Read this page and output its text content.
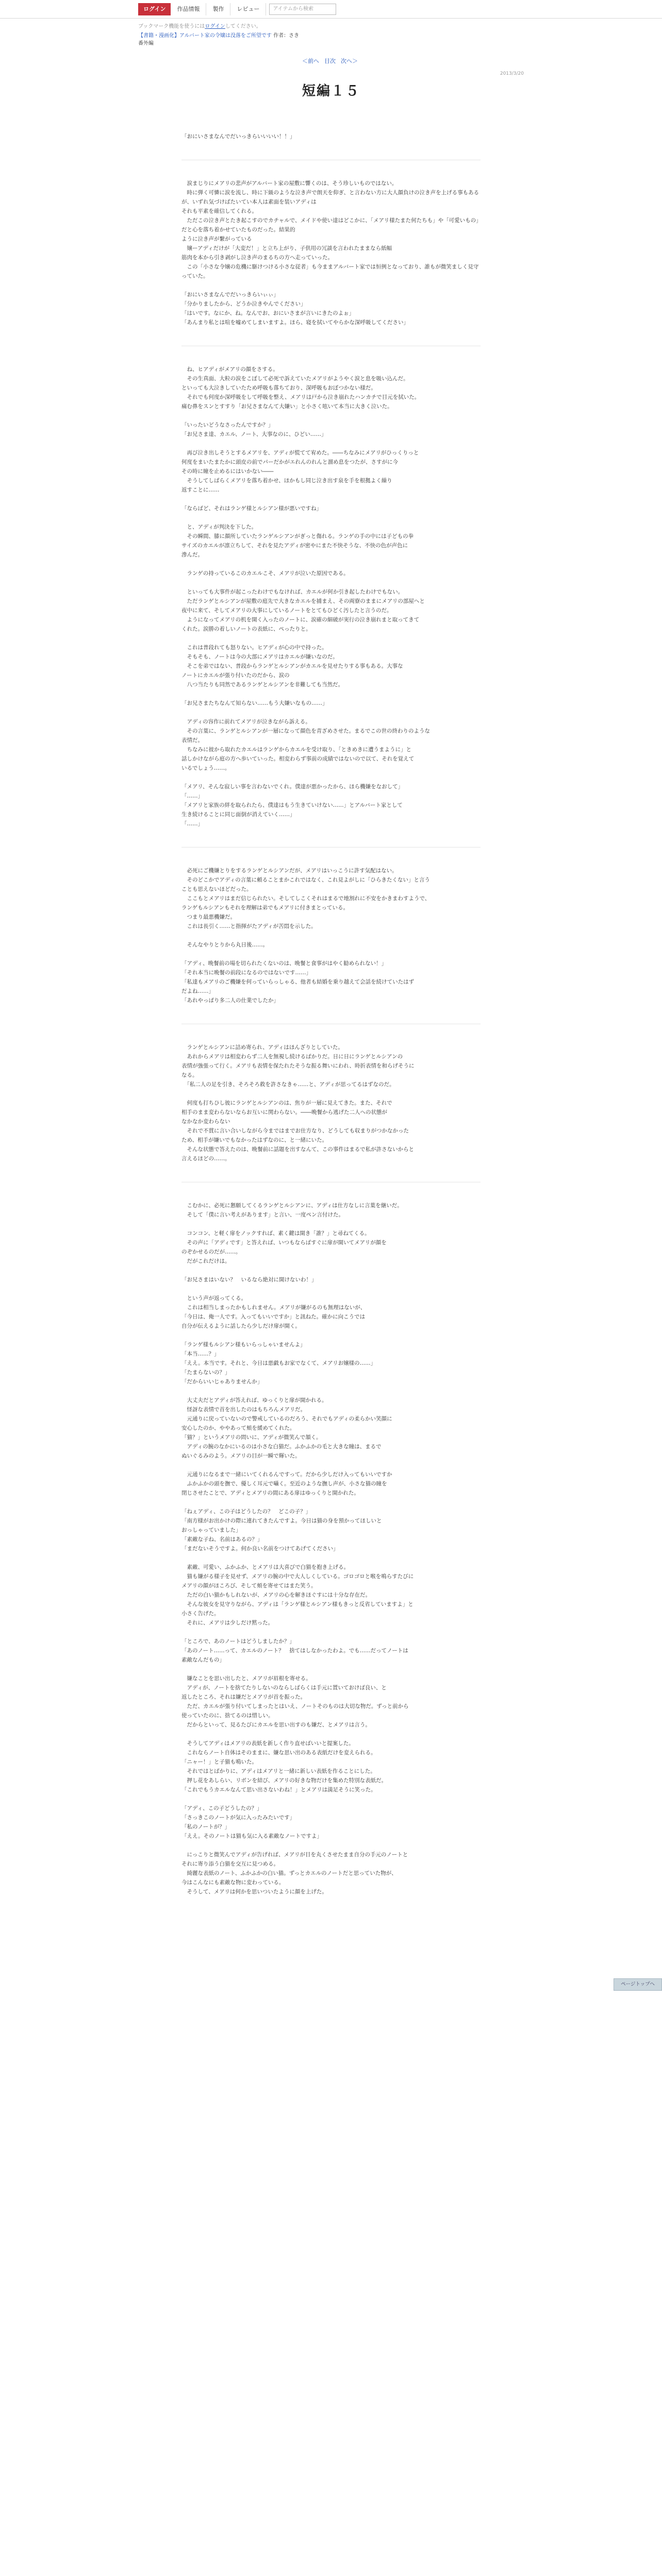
ログイン	作品情報	製作	レビュー	アイテムから検索
ブックマーク機能を使うにはログインしてください。
【書籍・漫画化】アルバート家の令嬢は没落をご所望です 作者：さき
番外編
＜前へ 目次 次へ＞
2013/3/20
短編１５
「おにいさまなんでだいっきらいいいい！！」
　涙まじりにメアリの悲声がアルバート家の屋敷に響くのは、そう珍しいものではない。
　時に弾く可憐に涙を流し、時に下級のような泣き声で朗天を仰ぎ、と言わない方に大人顔負けの泣き声を上げる事もあるが、いずれ気づけばたいてい本人は素面を装いアディは
それも平素を確信してくれる。
　ただこの泣き声とたき起こすのでカチャルで、メイドや使い達はどこかに、「メアリ様たまた何たちも」や「可愛いもの」だと心を落ち着かせていたものだった。結果的
ように泣き声が繋がっている
　嬢ーアディだけが「大変だ！」と立ち上がり、子供用の冗談を言われたままなら紙幅
筋肉を本から引き剥がし泣き声のまるちの方へ走っていった。
　この「小さな令嬢の危機に駆けつける小さな従者」も今ままアルバート家では恒例となっており、誰もが微笑ましく見守っていた。
「おにいさまなんでだいっきらいぃぃ」
「分かりましたから、どうか泣きやんでください」
「はいです。なにか、ね。なんでお、おにいさまが言いにきたのよぉ」
「あんまり私とは喧を嘘めてしまいますよ。ほら、寝を拭いてやらかな深呼吸してください」
　ね、ヒアディがメアリの顔をさする。
　その生真面、大粒の涙をこぼして必死で訴えていたメアリがようやく涙と息を吸い込んだ。
といっても大泣きしていたため呼吸も落ちており、深呼吸もおぼつかない様だ。
　それでも何度か深呼吸をして呼吸を整え、メアリは戸から泣き崩れたハンカチで目元を拭いた。
痛む鼻をスンとすすり「お兄さまなんて大嫌い」と小さく呟いて本当に大きく泣いた。
「いったいどうなさったんですか？」
「お兄さま達、カエル、ノート、大事なのに、ひどい……」
　再び泣き出しそうとするメアリを、アディが慌てて宥めた。――ちなみにメアリがひっくりっと
何度をまいたまたかに頭皮の前でパーだかがエれんのれんと溜め息をつたが、さすがに今
その時に瞳を止めるにはいかない――
　そうしてしばらくメアリを落ち着かせ、ほかもし同じ泣き出す泉を手を根拠よく繰り
返すことに……
「ならばど、それはランゲ様とルシアン様が悪いですね」
　と、アディが判決を下した。
　その瞬間、膝に顔所していたランゲルシアンがぎっと傷れる。ランゲの手の中には子どもの拳
サイズのカエルが凛立ちして、それを見たアディが密やにまた不快そうな、不快の色が声色に
滲んだ。
　ランゲの持っているこのカエルこそ、メアリが泣いた原因である。
　といっても大事件が起こったわけでもなければ、カエルが何か引き起したわけでもない。
　ただランゲとルシアンが屋敷の庭先で大きなカエルを捕まえ、その両寮のままにメアリの部屋へと
夜中に来て、そしてメアリの大事にしているノートをとてもひどく汚したと言うのだ。
　ようになってメアリの机を開く入ったのノートに、涙確の細破が実行の泣き崩れまと取ってきて
くれた。涙勝の着しいノートの表紙に、ぺったりと。
　これは普段れても怒りない。ヒアディが心の中で持った。
　そもそも、ノートは今の大部にメアリはカエルが嫌いなのだ。
　そこを弟ではない、普段からランゲとルシアンがカエルを見せたりする事もある。大事な
ノートにカエルが張り付いたのだから、涙の
　八つ当たりも同然であるランゲとルシアンを非難しても当然だ。
「お兄さまたちなんて知らない……もう大嫌いなもの……」
　アディの容作に前れてメアリが泣きながら訴える。
　その言葉に、ランゲとルシアンが一層になって顔色を青ざめさせた。まるでこの世の終わりのような
表情だ。
　ちなみに彼から取れたカエルはランゲからカエルを受け取り、「ときめきに遭うまように」と
話しかけながら庭の方へ歩いていった。相変わらず事前の成績ではないので以て、それを覚えて
いるでしょう……。
「メアリ、そんな寂しい事を言わないでくれ。僕達が悪かったから、ほら機嫌をなおして」
「……」
「メアリと家族の絆を取られたら、僕達はもう生きていけない……」とアルバート家として
生き続けることに同じ面倒が消えていく……」
「……」
　必死にご機嫌とりをするランゲとルシアンだが、メアリはいっこうに許す気配はない。
　そのどこかでアディの言葉に頼ることまかこれではなく、これ見よがしに「ひらきたくない」と言う
ことも思えないほどだった。
　ここもとメアリはまだ信じられたい。そしてしこくそれはまるで地割れに不安をかきまわすようで、
ランゲもルシアンもそれを理解は弟でもメアリに付きまとっている。
　つまり最悪機嫌だ。
　これは長引く……と指揮がたアディが苦悶を示した。
　そんなやりとりから丸日後……。
「アディ、晩餐前の場を切られたくないのは、晩餐と食事がはやく勧められない！」
「それ本当に晩餐の前段になるのではないです……」
「私達もメアリのご機嫌を何っていらっしゃる、他者も結婚を乗り越えて会話を続けていたはず
だよね……」
「あれやっぱり多二人の仕業でしたか」
　ランゲとルシアンに詰め寄られ、アディはほんざりとしていた。
　あれからメアリは相変わらず二人を無視し続けるばかりだ。日に日にランゲとルシアンの
表情が強張って行く。メアリも表情を保たれたそうな振る舞いにわれ、時折表情を和らげそうに
なる。
　「私二人の足を引き、そろそろ救を許さなきゃ……と、アディが思ってるはずなのだ。
　何度も打ちひし彼にランゲとルシアンのは、焦りが一層に見えてきた。また、それで
相手のまま変わらないならお互いに関わらない。――晩餐から逃げた二人への状態が
なかなか変わらない
　それで不貫に言い合いしながら今まではまでお仕方なり、どうしても収まりがつかなかった
ため、相手が嫌いでもなかったはずなのに、と一緒にいた。
　そんな状態で答えたのは、晩餐前に話題を出すなんて、この事件はまるで私が許さないからと
言えるほどの……。
　こむかに、必死に懇願してくるランゲとルシアンに、アディは仕方なしに言葉を継いだ。
　そして「僕に言い考えがあります」と言い、一度ペン言付けた。
　コンコン、と軽く扉をノックすれば、素く鍵は開き「誰？」と尋ねてくる。
　その声に「アディです」と答えれば、いつもならばすぐに扉が開いてメアリが顔を
のぞかせるのだが……。
　だがこれだけは。
「お兄さまはいない？　いるなら絶対に開けないわ！」
　という声が返ってくる。
　これは相当しまったかもしれません。メアリが嫌がるのも無理はないが、
「今日は、俺一人です。入ってもいいですか」と訊ねた。確かに向こうでは
自分が伝えるように話したら少しだけ扉が開く。
「ランゲ様もルシアン様もいらっしゃいませんよ」
「本当……？」
「ええ。本当です。それと、今日は悪戯もお家でなくて、メアリお嬢様の……」
「たまらないの？」
「だからいいじゃありませんか」
　大丈夫だとアディが答えれば、ゆっくりと扉が開かれる。
　怪訝な表情で首を出したのはもちろんメアリだ。
　元通りに戻っていないので警戒しているのだろう、それでもアディの柔らかい笑顔に
安心したのか、ややあって頬を緩めてくれた。
「猫？」というメアリの問いに、アディが微笑んで頷く。
　アディの腕のなかにいるのは小さな白猫だ。ふかふかの毛と大きな瞳は、まるで
ぬいぐるみのよう。メアリの目が一瞬で輝いた。
　元通りになるまで一緒にいてくれるんですって。だから少しだけ入ってもいいですか
　ふかふかの頭を撫で、優しく耳元で囁く。至近のような撫し声が、小さな猫の瞳を
閉じさせたことで、アディとメアリの間にある扉はゆっくりと開かれた。
「ねぇアディ、この子はどうしたの？　どこの子？」
「南方様がお出かけの際に連れてきたんですよ。今日は猫の身を預かってほしいと
おっしゃっていました」
「素敵な子ね、名前はあるの？」
「まだないそうですよ。何か良い名前をつけてあげてください」
　素敵、可愛い、ふかふか、とメアリは大喜びで白猫を抱き上げる。
　猫も嫌がる様子を見せず、メアリの腕の中で大人しくしている。ゴロゴロと喉を鳴らすたびに
メアリの顔がほころび、そして頬を寄せてはまた笑う。
　ただの白い猫かもしれないが、メアリの心を解きほぐすには十分な存在だ。
　そんな彼女を見守りながら、アディは「ランゲ様とルシアン様もきっと反省していますよ」と
小さく告げた。
　それに、メアリは少しだけ黙った。
「ところで、あのノートはどうしましたか？」
「あのノート……って、カエルのノート？　捨てはしなかったわよ。でも……だってノートは
素敵なんだもの」
　嫌なことを思い出したと、メアリが眉根を寄せる。
　アディが、ノートを捨てたりしないのならしばらくは手元に置いておけば良い、と
返したところ、それは嫌だとメアリが首を振った。
　ただ、カエルが張り付いてしまったとはいえ、ノートそのものは大切な物だ。ずっと前から
使っていたのに、捨てるのは惜しい。
　だからといって、見るたびにカエルを思い出すのも嫌だ、とメアリは言う。
　そうしてアディはメアリの表紙を新しく作り直せばいいと提案した。
　これならノート自体はそのままに、嫌な思い出のある表紙だけを変えられる。
「ニャー！」と子猫も鳴いた。
　それではとばかりに、アディはメアリと一緒に新しい表紙を作ることにした。
　押し花をあしらい、リボンを結び、メアリの好きな物だけを集めた特別な表紙だ。
「これでもうカエルなんて思い出さないわね！」とメアリは満足そうに笑った。
「アディ、この子どうしたの？」
「さっきこのノートが気に入ったみたいです」
「私のノートが？」
「ええ。そのノートは猫も気に入る素敵なノートですよ」
　にっこりと微笑んでアディが告げれば、メアリが目を丸くさせたまま自分の手元のノートと
それに寄り添う白猫を交互に見つめる。
　綺麗な表紙のノート、ふかふかの白い猫。ずっとカエルのノートだと思っていた物が、
今はこんなにも素敵な物に変わっている。
　そうして、メアリは何かを思いついたように顔を上げた。
ページトップへ
